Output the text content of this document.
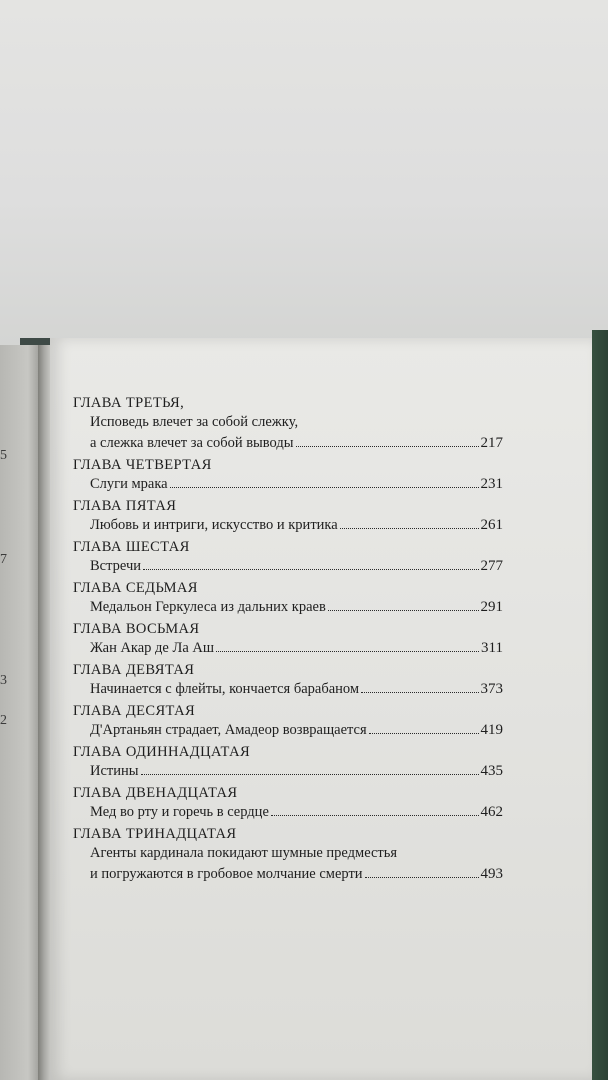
5
7
3
2
ГЛАВА ТРЕТЬЯ,
Исповедь влечет за собой слежку,
а слежка влечет за собой выводы	217
ГЛАВА ЧЕТВЕРТАЯ
Слуги мрака	231
ГЛАВА ПЯТАЯ
Любовь и интриги, искусство и критика	261
ГЛАВА ШЕСТАЯ
Встречи	277
ГЛАВА СЕДЬМАЯ
Медальон Геркулеса из дальних краев	291
ГЛАВА ВОСЬМАЯ
Жан Акар де Ла Аш	311
ГЛАВА ДЕВЯТАЯ
Начинается с флейты, кончается барабаном	373
ГЛАВА ДЕСЯТАЯ
Д'Артаньян страдает, Амадеор возвращается	419
ГЛАВА ОДИННАДЦАТАЯ
Истины	435
ГЛАВА ДВЕНАДЦАТАЯ
Мед во рту и горечь в сердце	462
ГЛАВА ТРИНАДЦАТАЯ
Агенты кардинала покидают шумные предместья
и погружаются в гробовое молчание смерти	493
